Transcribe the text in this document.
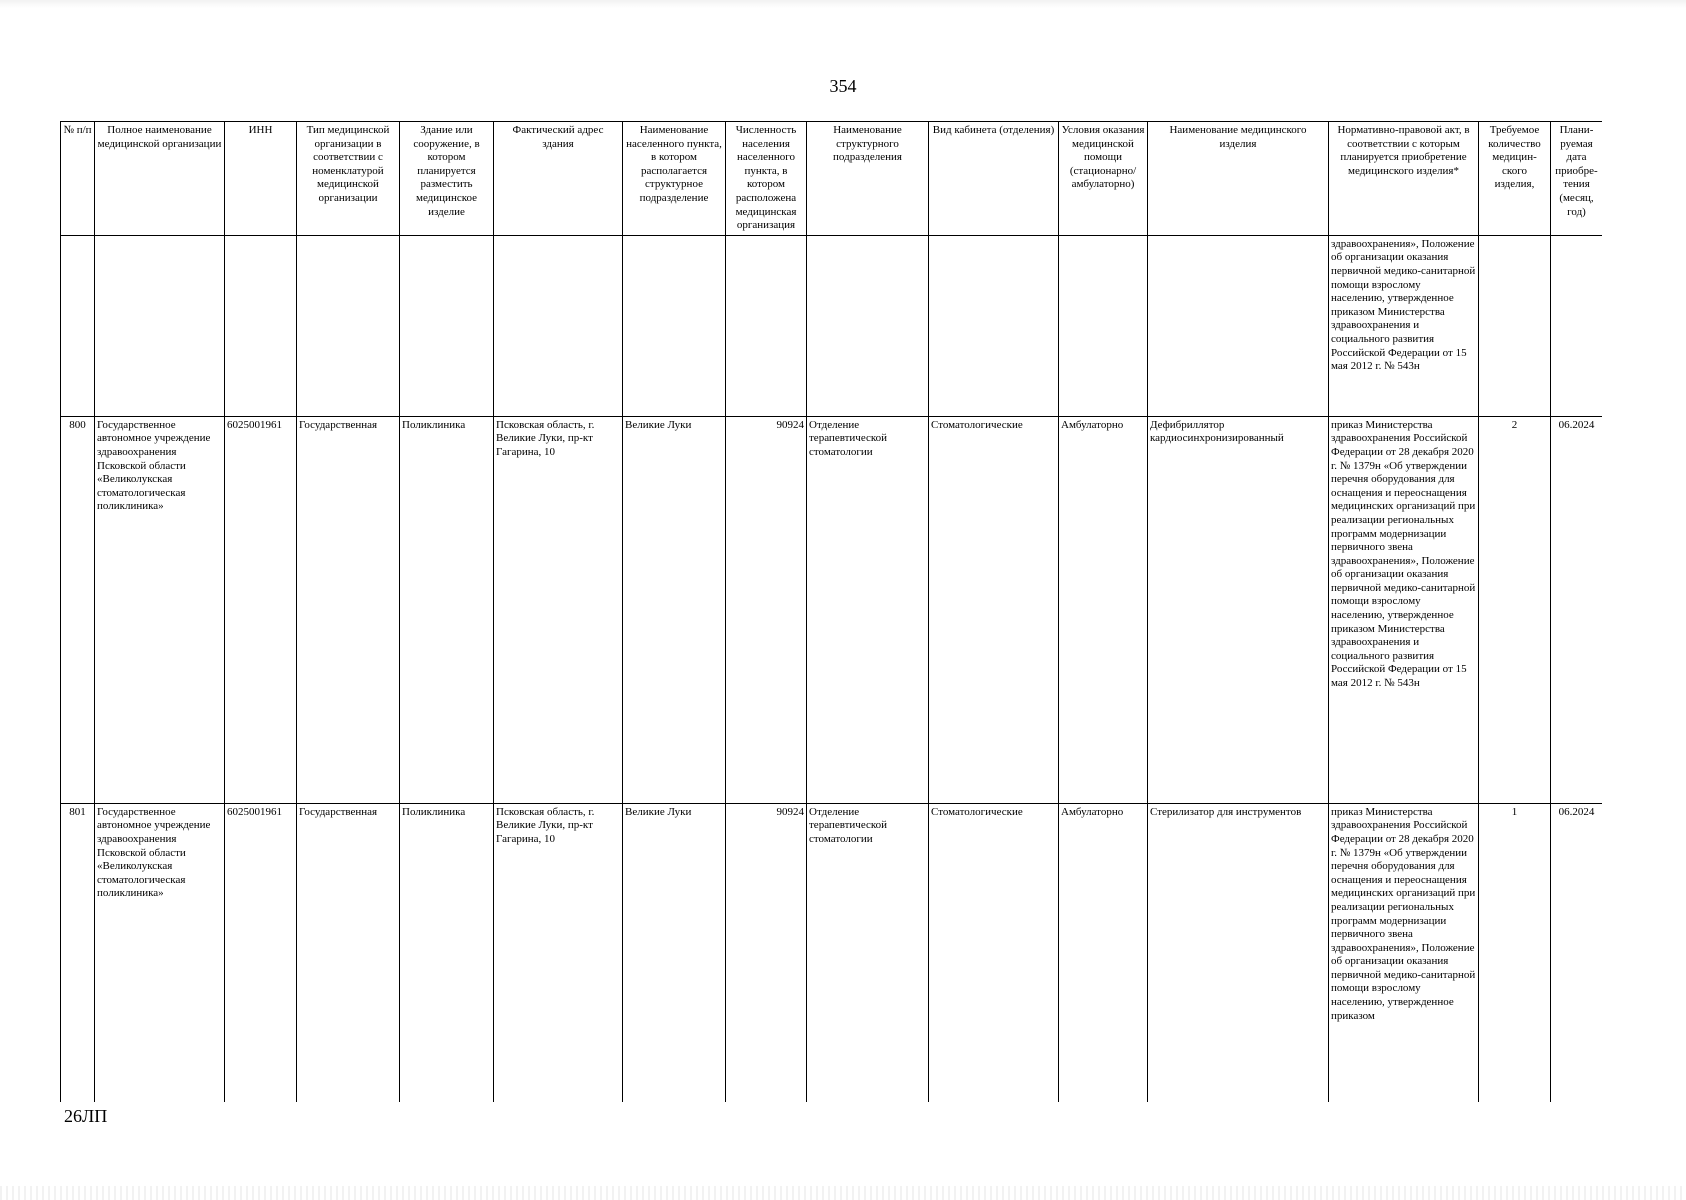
354
№ п/п	Полное наименование медицинской организации	ИНН	Тип медицинской организации в соответствии с номенклатурой медицинской организации	Здание или сооружение, в котором планируется разместить медицинское изделие	Фактический адрес здания	Наименование населенного пункта, в котором располагается структурное подразделение	Численность населения населенного пункта, в котором расположена медицинская организация	Наименование структурного подразделения	Вид кабинета (отделения)	Условия оказания медицинской помощи (стационарно/ амбулаторно)	Наименование медицинского изделия	Нормативно-правовой акт, в соответствии с которым планируется приобретение медицинского изделия*	Требуемое количество медицин-ского изделия,	Плани-руемая дата приобре-тения (месяц, год)
												здравоохранения», Положение об организации оказания первичной медико-санитарной помощи взрослому населению, утвержденное приказом Министерства здравоохранения и социального развития Российской Федерации от 15 мая 2012 г. № 543н		
800	Государственное автономное учреждение здравоохранения Псковской области «Великолукская стоматологическая поликлиника»	6025001961	Государственная	Поликлиника	Псковская область, г. Великие Луки, пр-кт Гагарина, 10	Великие Луки	90924	Отделение терапевтической стоматологии	Стоматологические	Амбулаторно	Дефибриллятор кардиосинхронизированный	приказ Министерства здравоохранения Российской Федерации от 28 декабря 2020 г. № 1379н «Об утверждении перечня оборудования для оснащения и переоснащения медицинских организаций при реализации региональных программ модернизации первичного звена здравоохранения», Положение об организации оказания первичной медико-санитарной помощи взрослому населению, утвержденное приказом Министерства здравоохранения и социального развития Российской Федерации от 15 мая 2012 г. № 543н	2	06.2024
801	Государственное автономное учреждение здравоохранения Псковской области «Великолукская стоматологическая поликлиника»	6025001961	Государственная	Поликлиника	Псковская область, г. Великие Луки, пр-кт Гагарина, 10	Великие Луки	90924	Отделение терапевтической стоматологии	Стоматологические	Амбулаторно	Стерилизатор для инструментов	приказ Министерства здравоохранения Российской Федерации от 28 декабря 2020 г. № 1379н «Об утверждении перечня оборудования для оснащения и переоснащения медицинских организаций при реализации региональных программ модернизации первичного звена здравоохранения», Положение об организации оказания первичной медико-санитарной помощи взрослому населению, утвержденное приказом	1	06.2024
26ЛП
